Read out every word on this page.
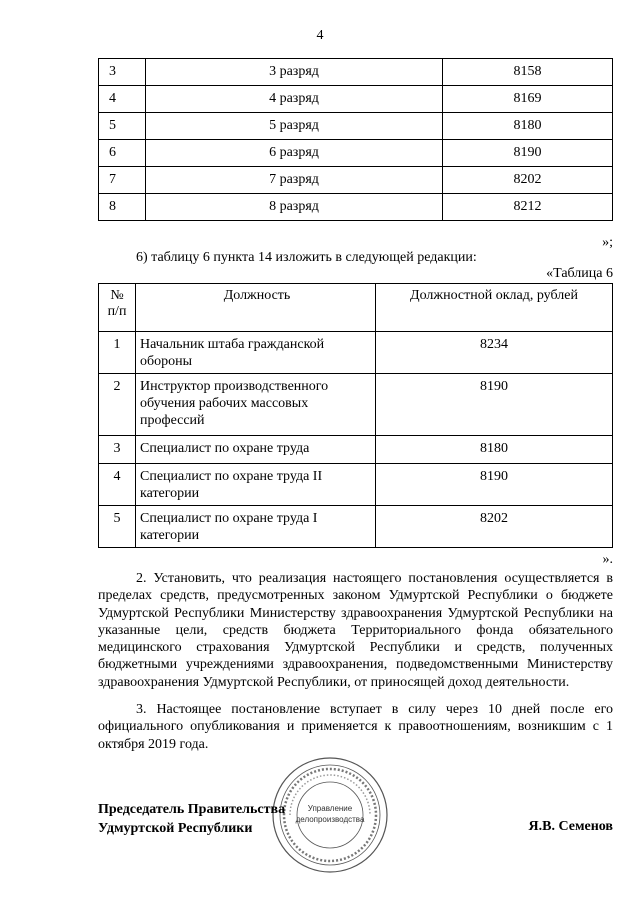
4
3	3 разряд	8158
4	4 разряд	8169
5	5 разряд	8180
6	6 разряд	8190
7	7 разряд	8202
8	8 разряд	8212
»;
6) таблицу 6 пункта 14 изложить в следующей редакции:
«Таблица 6
№
п/п	Должность	Должностной оклад, рублей
1	Начальник штаба гражданской обороны	8234
2	Инструктор производственного обучения рабочих массовых профессий	8190
3	Специалист по охране труда	8180
4	Специалист по охране труда II категории	8190
5	Специалист по охране труда I категории	8202
».
2. Установить, что реализация настоящего постановления осуществляется в пределах средств, предусмотренных законом Удмуртской Республики о бюджете Удмуртской Республики Министерству здравоохранения Удмуртской Республики на указанные цели, средств бюджета Территориального фонда обязательного медицинского страхования Удмуртской Республики и средств, полученных бюджетными учреждениями здравоохранения, подведомственными Министерству здравоохранения Удмуртской Республики, от приносящей доход деятельности.
3. Настоящее постановление вступает в силу через 10 дней после его официального опубликования и применяется к правоотношениям, возникшим с 1 октября 2019 года.
Управление
делопроизводства
Председатель Правительства
Удмуртской Республики	Я.В. Семенов
